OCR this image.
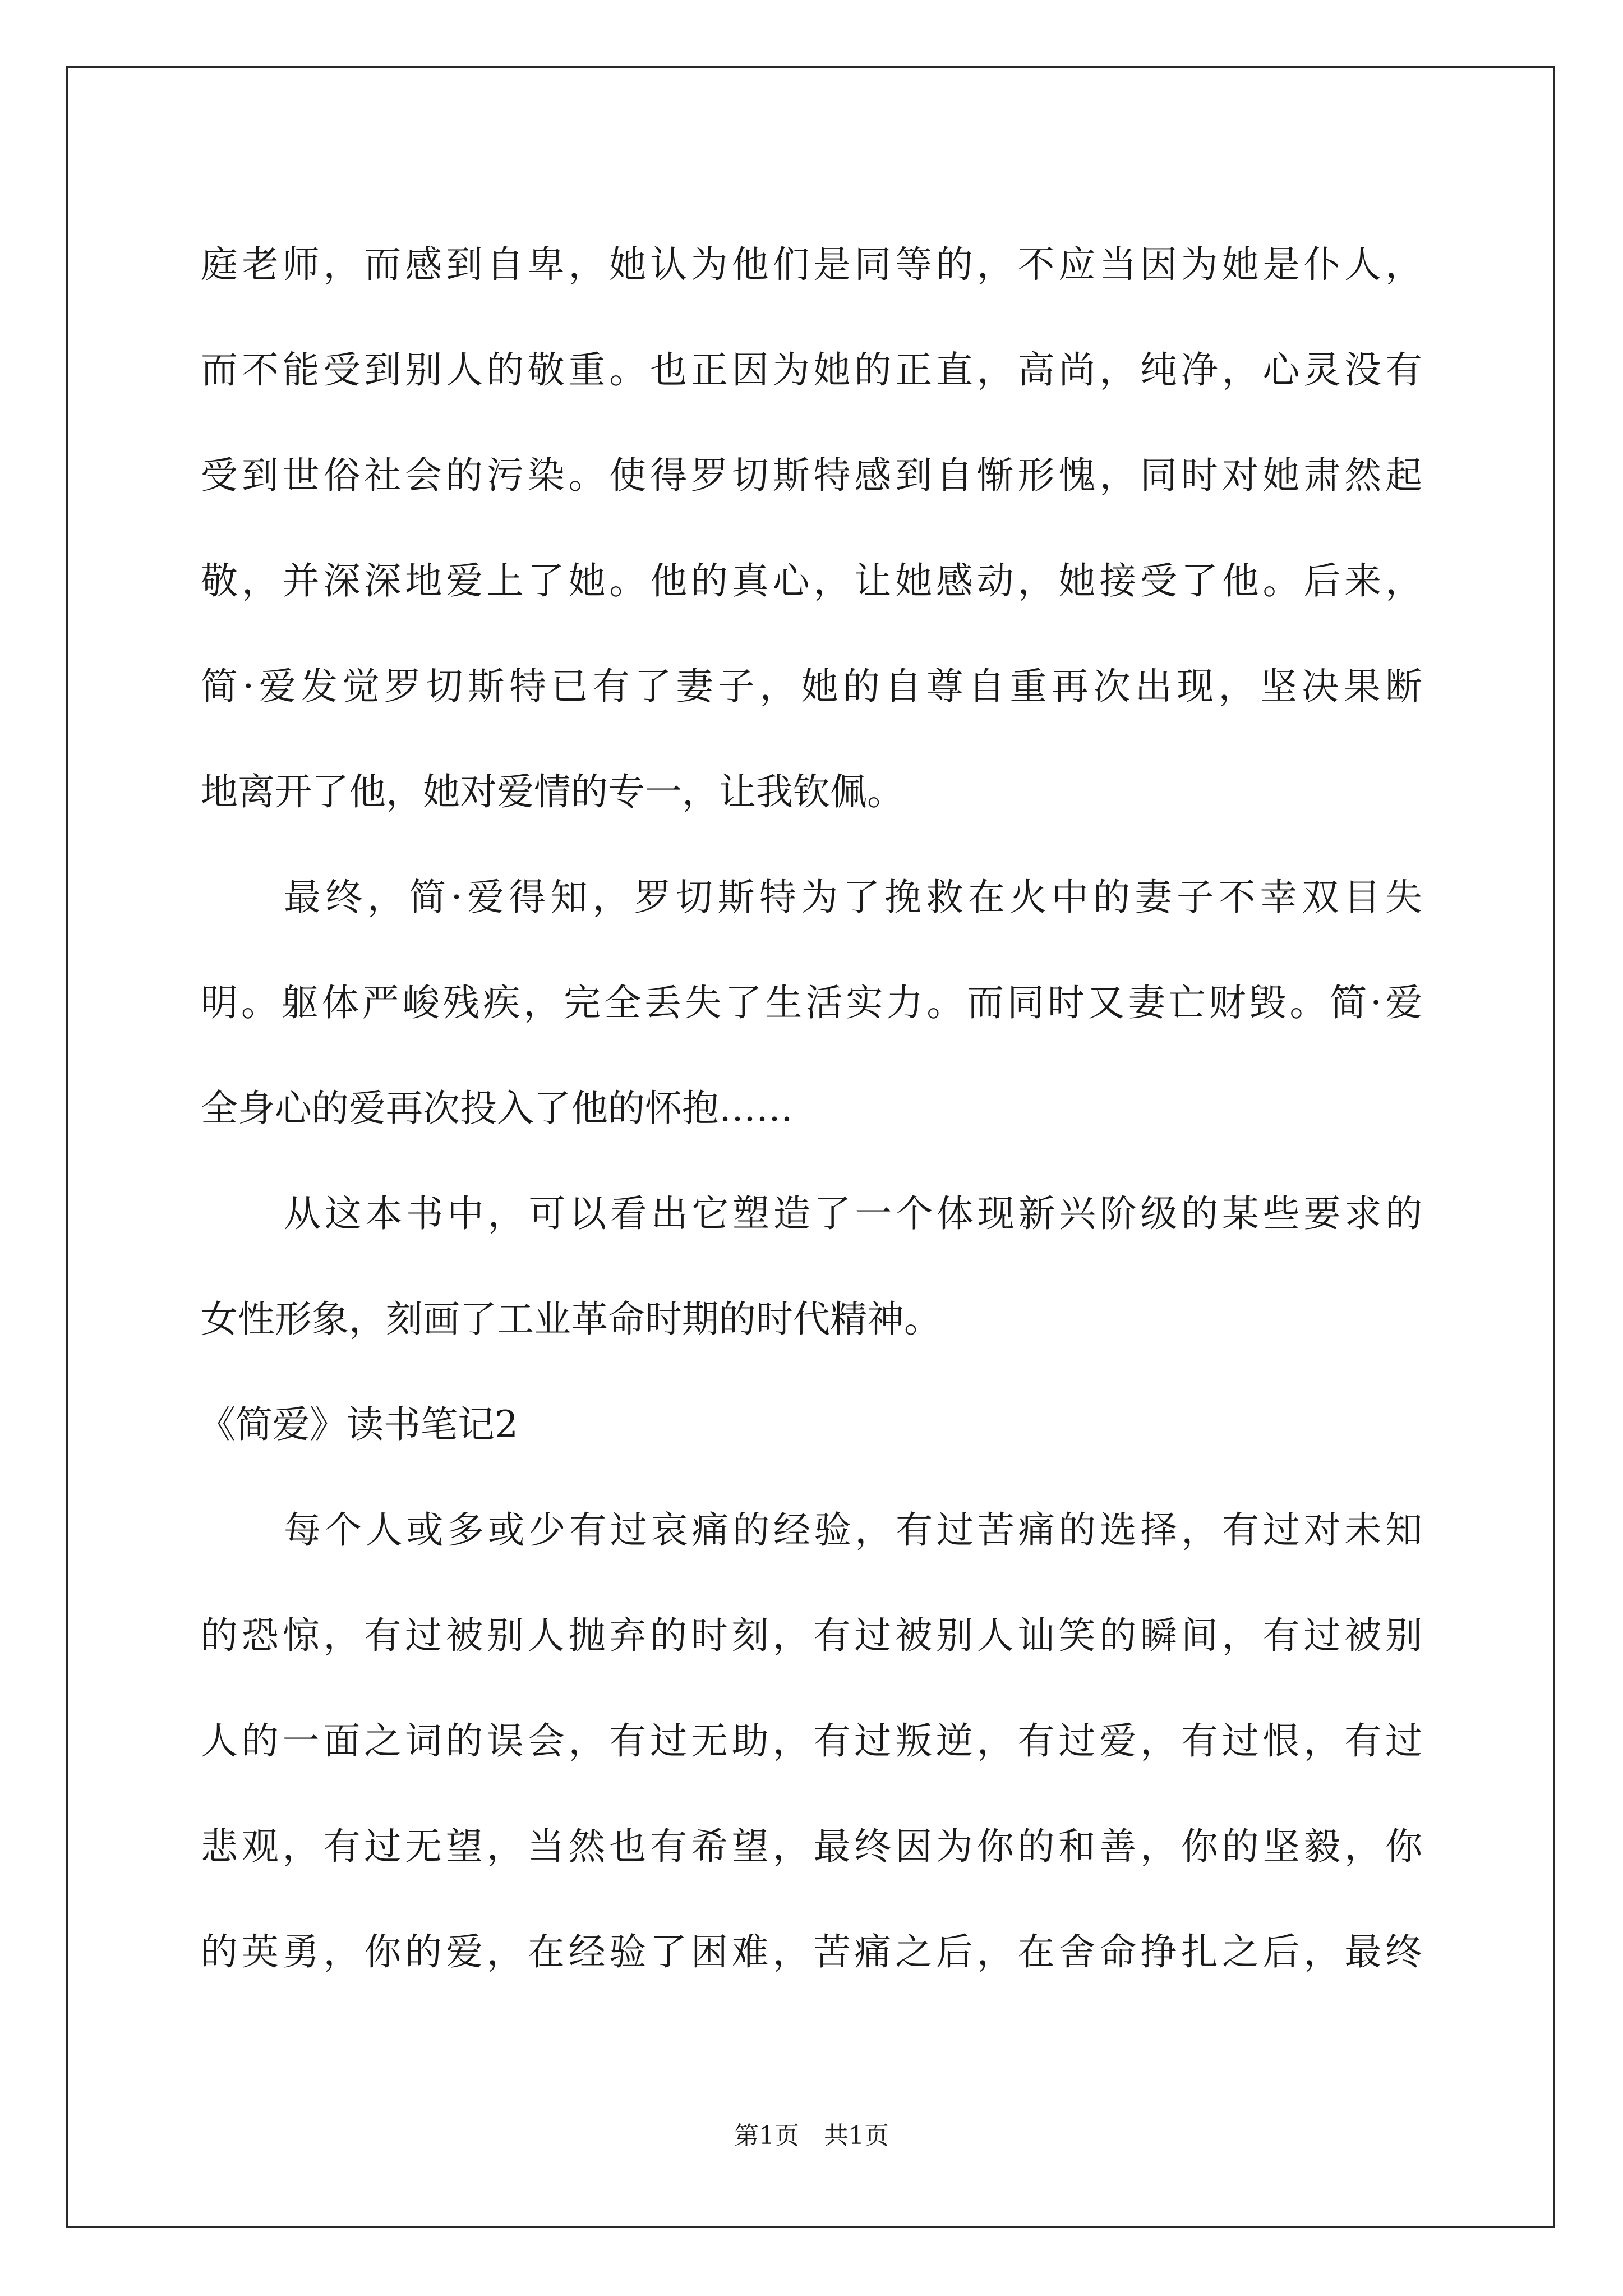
庭老师，而感到自卑，她认为他们是同等的，不应当因为她是仆人，
而不能受到别人的敬重。也正因为她的正直，高尚，纯净，心灵没有
受到世俗社会的污染。使得罗切斯特感到自惭形愧，同时对她肃然起
敬，并深深地爱上了她。他的真心，让她感动，她接受了他。后来，
简·爱发觉罗切斯特已有了妻子，她的自尊自重再次出现，坚决果断
地离开了他，她对爱情的专一，让我钦佩。
最终，简·爱得知，罗切斯特为了挽救在火中的妻子不幸双目失
明。躯体严峻残疾，完全丢失了生活实力。而同时又妻亡财毁。简·爱
全身心的爱再次投入了他的怀抱……
从这本书中，可以看出它塑造了一个体现新兴阶级的某些要求的
女性形象，刻画了工业革命时期的时代精神。
《简爱》读书笔记2
每个人或多或少有过哀痛的经验，有过苦痛的选择，有过对未知
的恐惊，有过被别人抛弃的时刻，有过被别人讪笑的瞬间，有过被别
人的一面之词的误会，有过无助，有过叛逆，有过爱，有过恨，有过
悲观，有过无望，当然也有希望，最终因为你的和善，你的坚毅，你
的英勇，你的爱，在经验了困难，苦痛之后，在舍命挣扎之后，最终
第1页　共1页
